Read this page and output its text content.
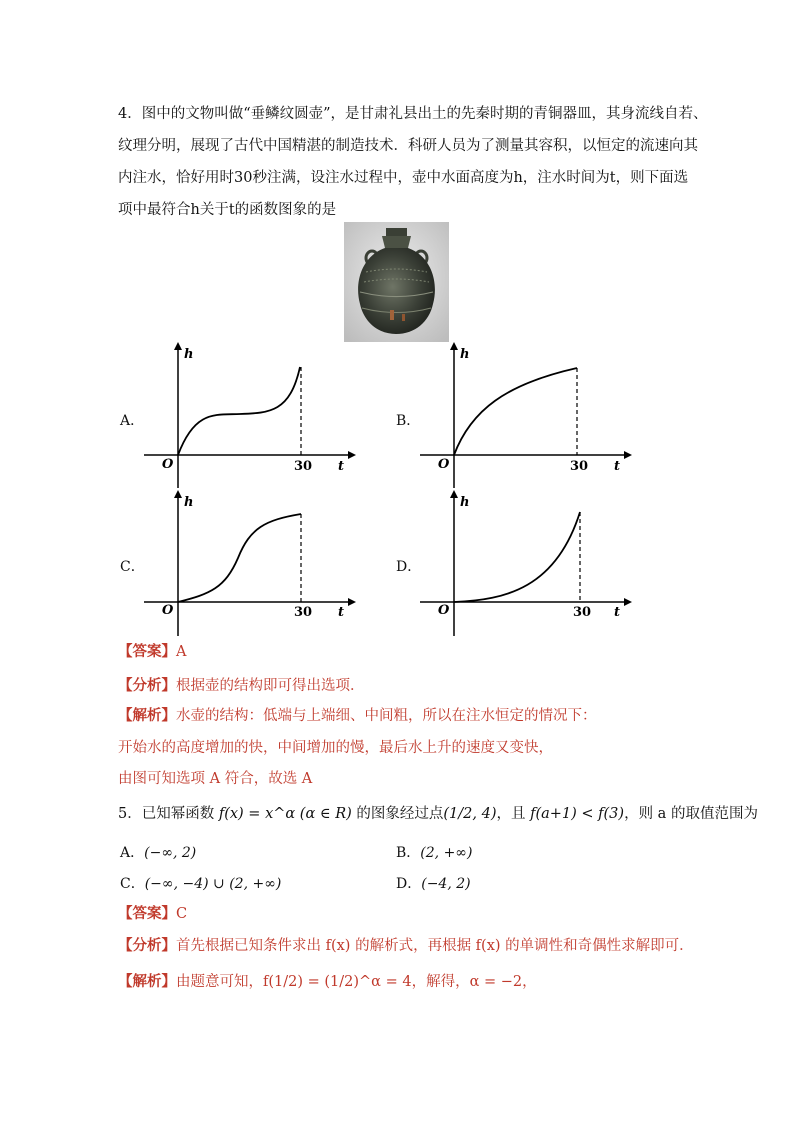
4．图中的文物叫做“垂鳞纹圆壶”，是甘肃礼县出土的先秦时期的青铜器皿，其身流线自若、
纹理分明，展现了古代中国精湛的制造技术．科研人员为了测量其容积，以恒定的流速向其
内注水，恰好用时30秒注满，设注水过程中，壶中水面高度为h，注水时间为t，则下面选
项中最符合h关于t的函数图象的是
A．	B．
C．	D．
h
t
O	30
h
t
O	30
h
t
O	30
h
t
O	30
【答案】A
【分析】根据壶的结构即可得出选项．
【解析】水壶的结构：低端与上端细、中间粗，所以在注水恒定的情况下：
开始水的高度增加的快，中间增加的慢，最后水上升的速度又变快，
由图可知选项 A 符合，故选 A
5．已知幂函数 f(x) = x^α (α ∈ R) 的图象经过点(1/2, 4)，且 f(a+1) < f(3)，则 a 的取值范围为
A．(−∞, 2)	B．(2, +∞)
C．(−∞, −4) ∪ (2, +∞)	D．(−4, 2)
【答案】C
【分析】首先根据已知条件求出 f(x) 的解析式，再根据 f(x) 的单调性和奇偶性求解即可．
【解析】由题意可知，f(1/2) = (1/2)^α = 4，解得，α = −2，
